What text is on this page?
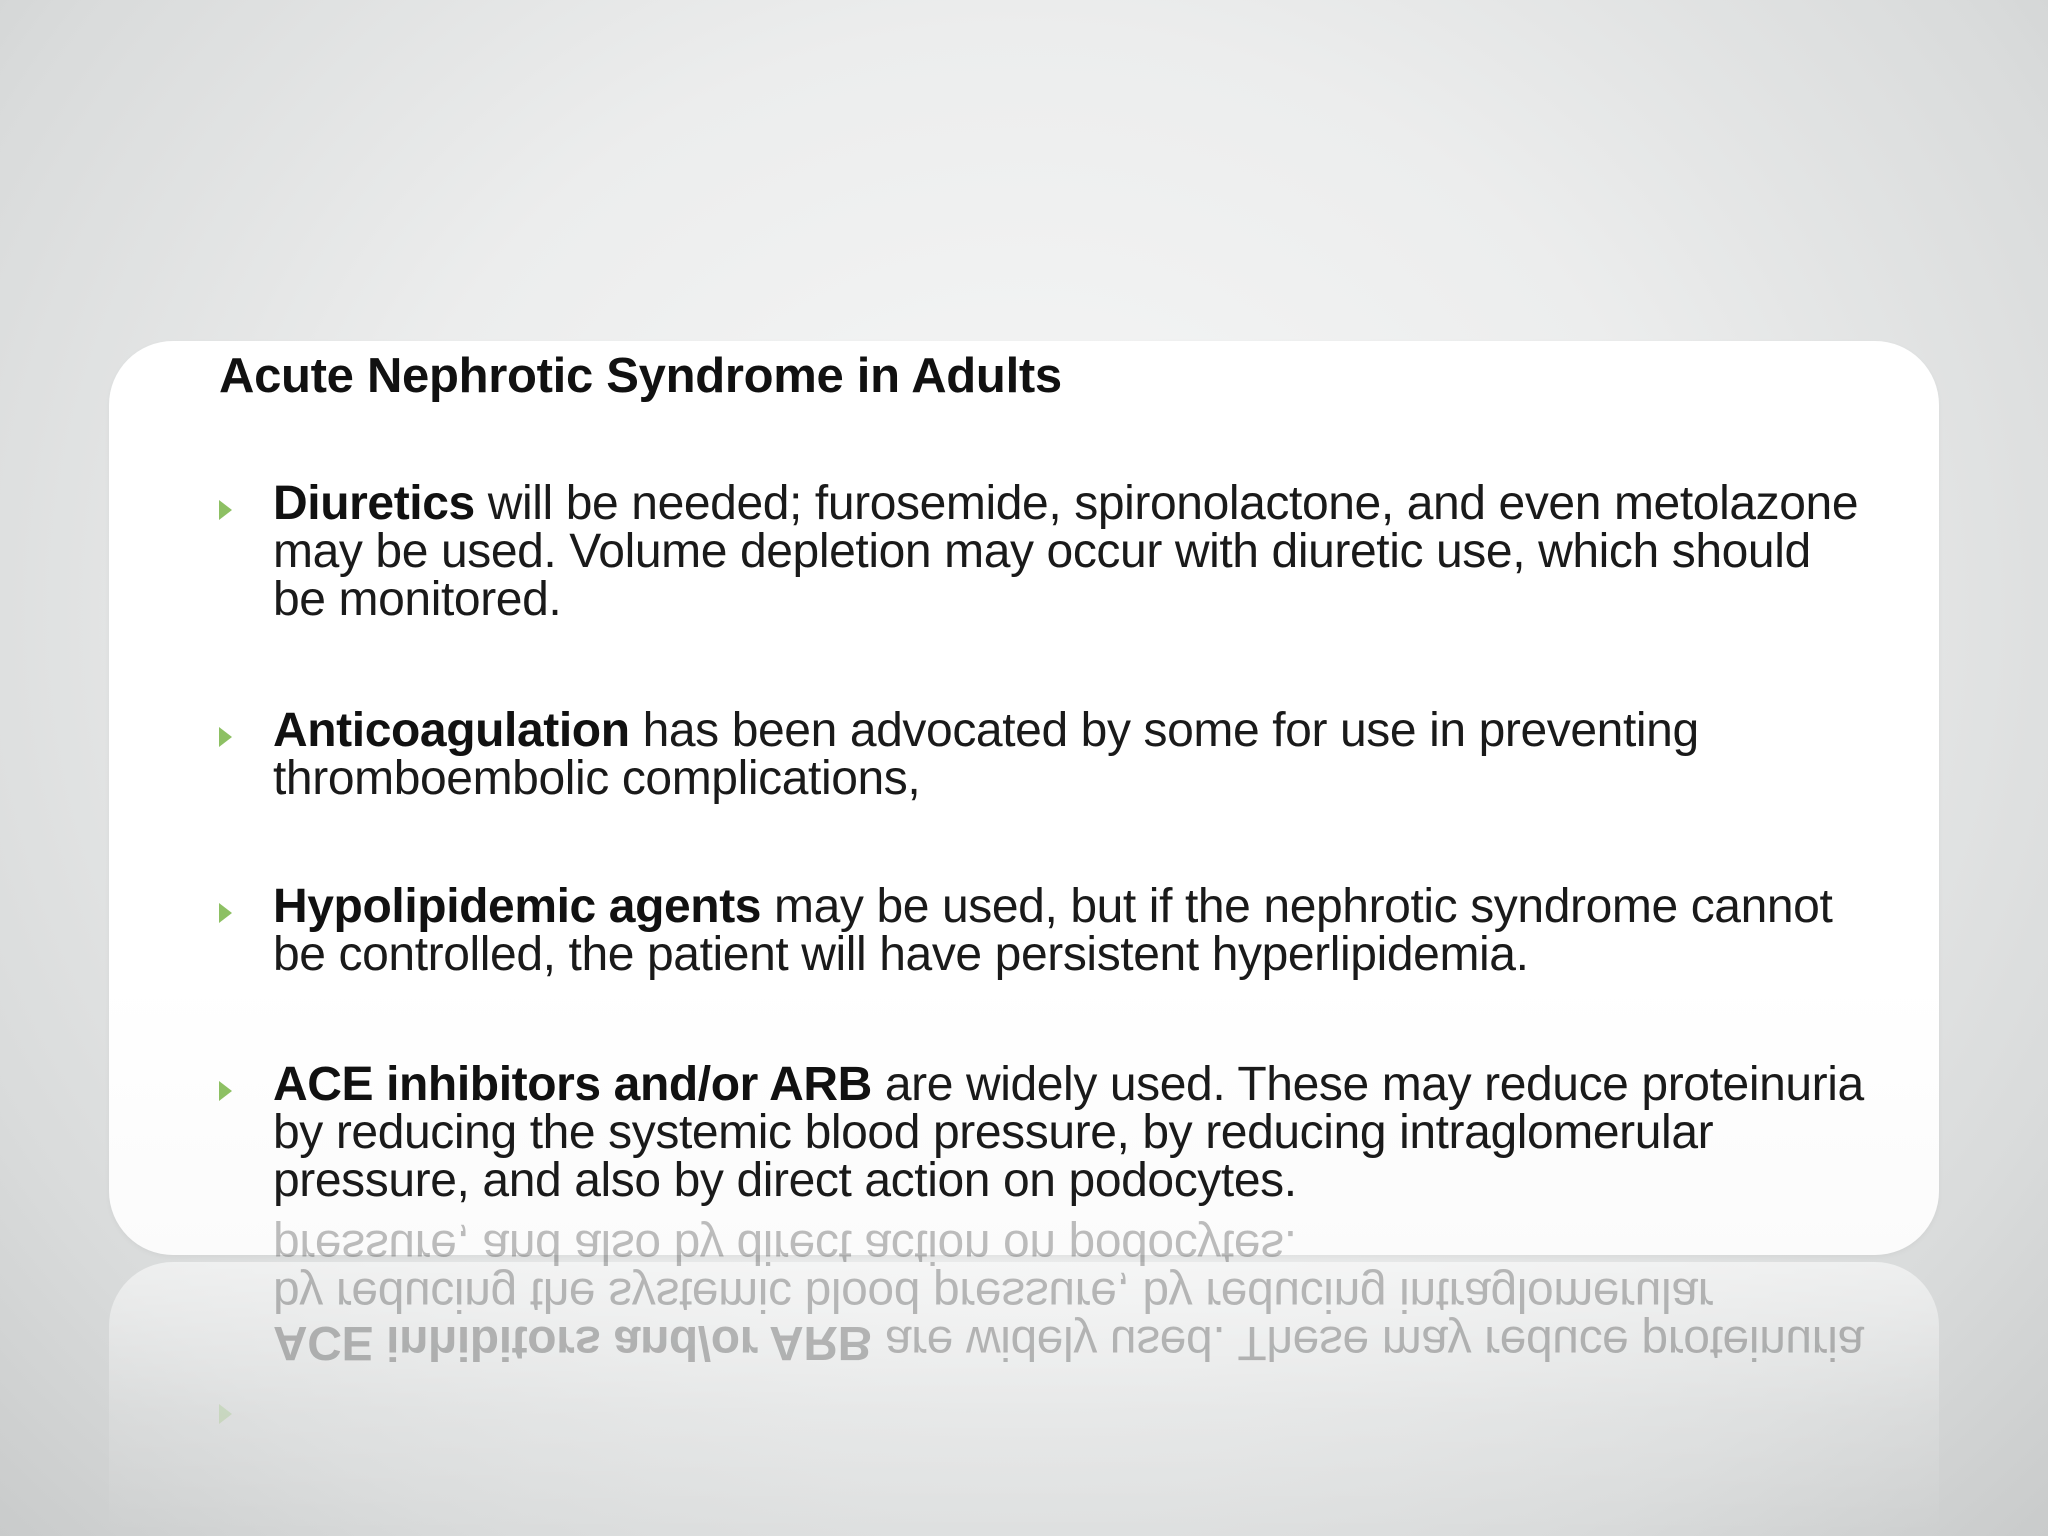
Acute Nephrotic Syndrome in Adults
Diuretics will be needed; furosemide, spironolactone, and even metolazone may be used. Volume depletion may occur with diuretic use, which should be monitored.
Anticoagulation has been advocated by some for use in preventing thromboembolic complications,
Hypolipidemic agents may be used, but if the nephrotic syndrome cannot be controlled, the patient will have persistent hyperlipidemia.
ACE inhibitors and/or ARB are widely used. These may reduce proteinuria by reducing the systemic blood pressure, by reducing intraglomerular pressure, and also by direct action on podocytes.
ACE inhibitors and/or ARB are widely used. These may reduce proteinuria by reducing the systemic blood pressure, by reducing intraglomerular pressure, and also by direct action on podocytes.
